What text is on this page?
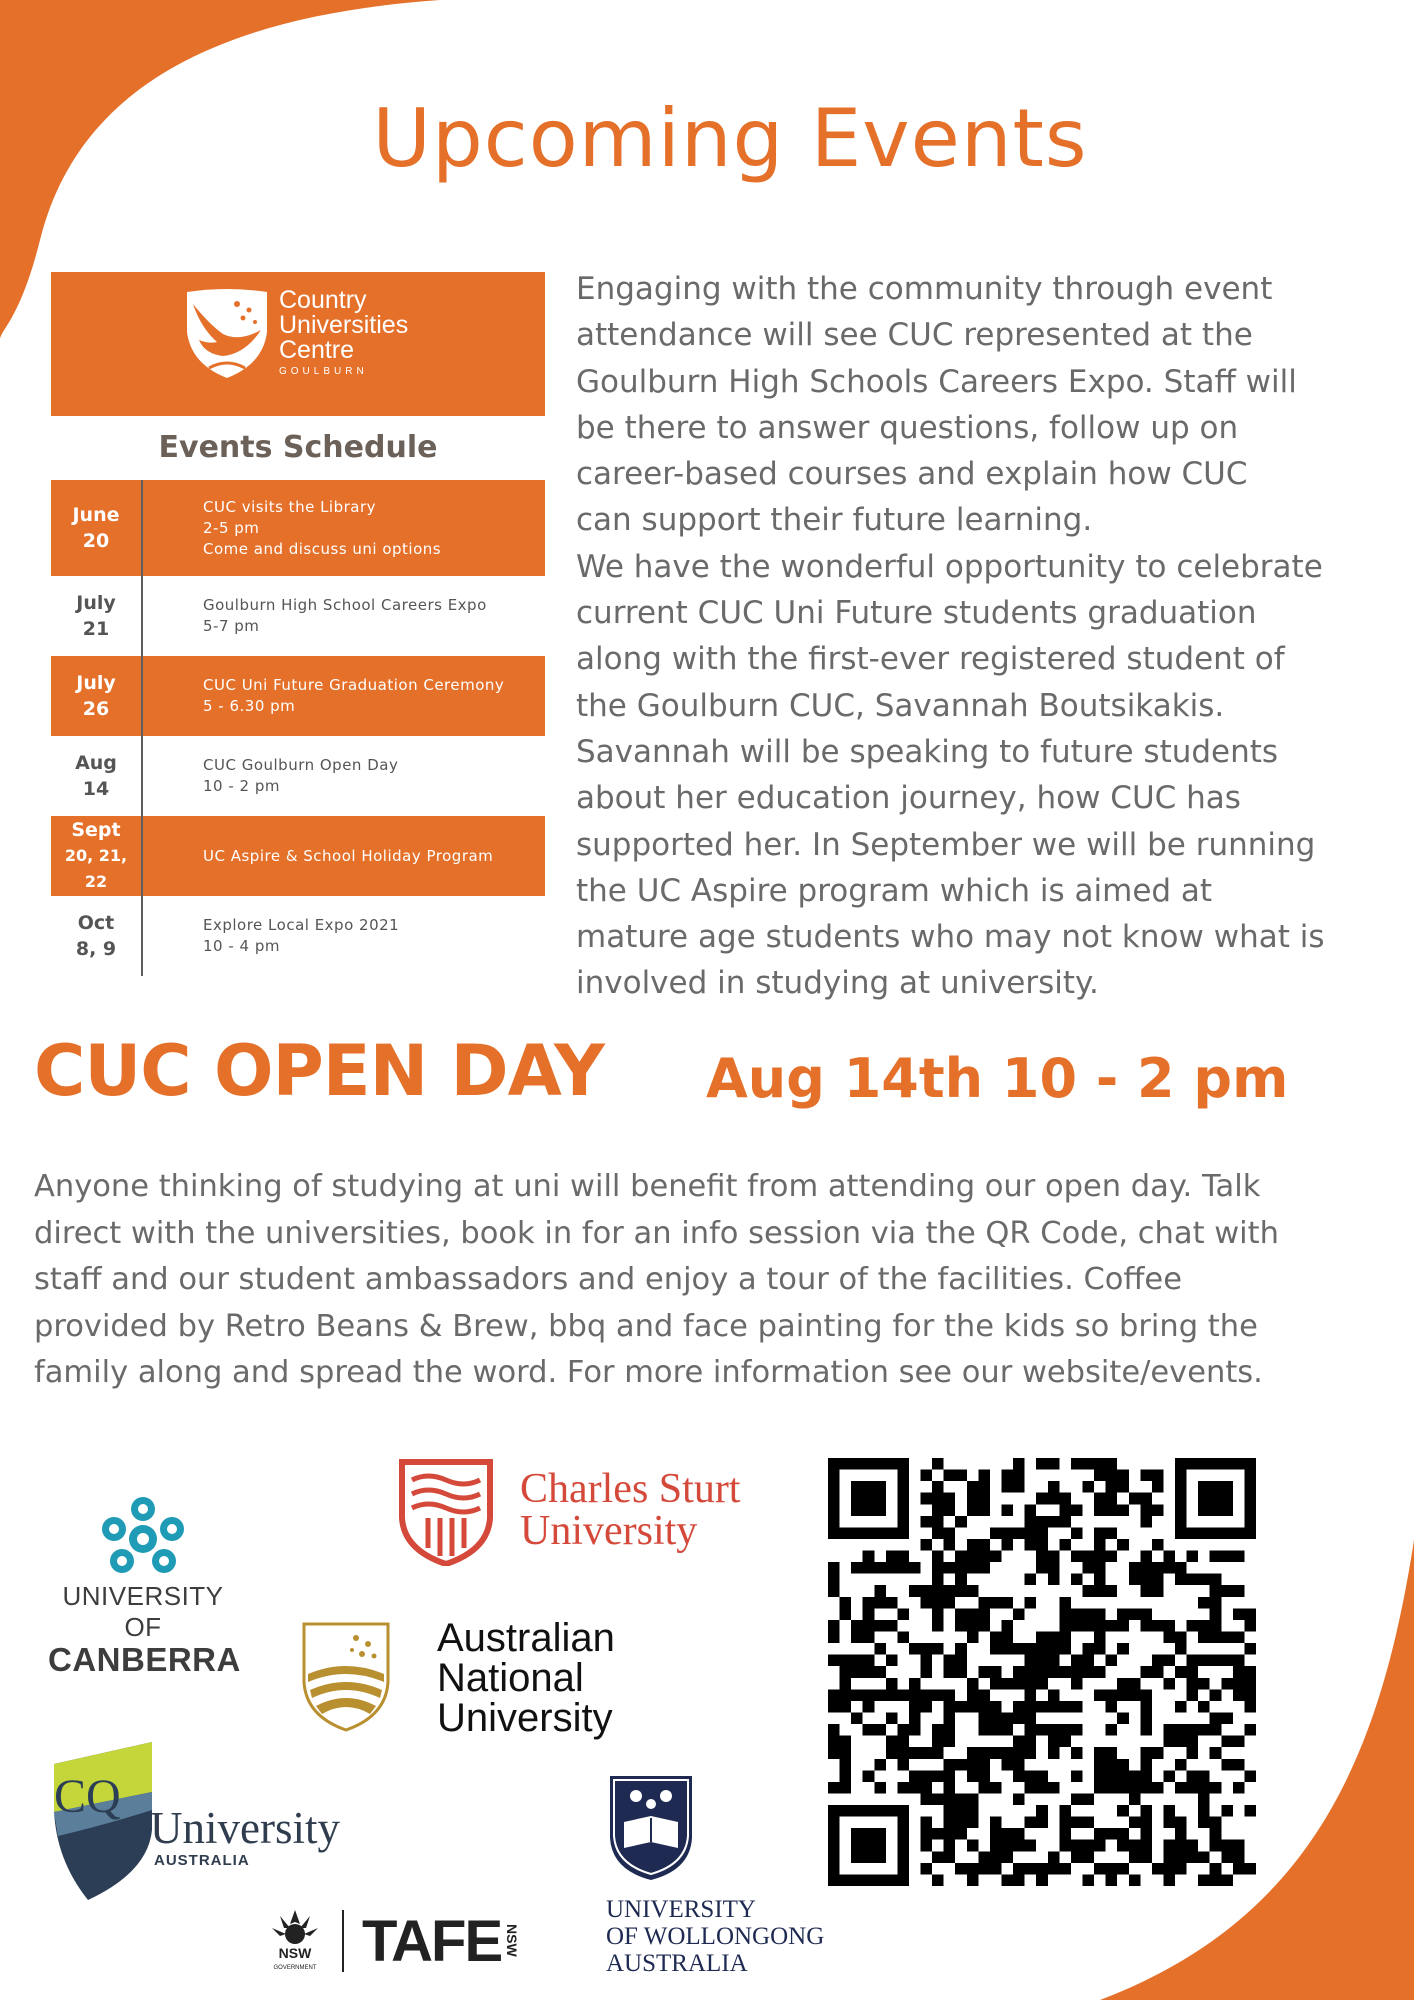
Upcoming Events
Country
Universities
Centre
GOULBURN
Events Schedule
June
20
CUC visits the Library
2-5 pm
Come and discuss uni options
July
21
Goulburn High School Careers Expo
5-7 pm
July
26
CUC Uni Future Graduation Ceremony
5 - 6.30 pm
Aug
14
CUC Goulburn Open Day
10 - 2 pm
Sept
20, 21, 22
UC Aspire & School Holiday Program
Oct
8, 9
Explore Local Expo 2021
10 - 4 pm
Engaging with the community through event
attendance will see CUC represented at the
Goulburn High Schools Careers Expo. Staff will
be there to answer questions, follow up on
career-based courses and explain how CUC
can support their future learning.
We have the wonderful opportunity to celebrate
current CUC Uni Future students graduation
along with the first-ever registered student of
the Goulburn CUC, Savannah Boutsikakis.
Savannah will be speaking to future students
about her education journey, how CUC has
supported her. In September we will be running
the UC Aspire program which is aimed at
mature age students who may not know what is
involved in studying at university.
CUC OPEN DAY Aug 14th 10 - 2 pm
Anyone thinking of studying at uni will benefit from attending our open day. Talk
direct with the universities, book in for an info session via the QR Code, chat with
staff and our student ambassadors and enjoy a tour of the facilities. Coffee
provided by Retro Beans & Brew, bbq and face painting for the kids so bring the
family along and spread the word. For more information see our website/events.
UNIVERSITY OF
CANBERRA
Charles Sturt
University
Australian
National
University
CQ
University
AUSTRALIA
NSW
GOVERNMENT TAFE NSW
UNIVERSITY
OF WOLLONGONG
AUSTRALIA
